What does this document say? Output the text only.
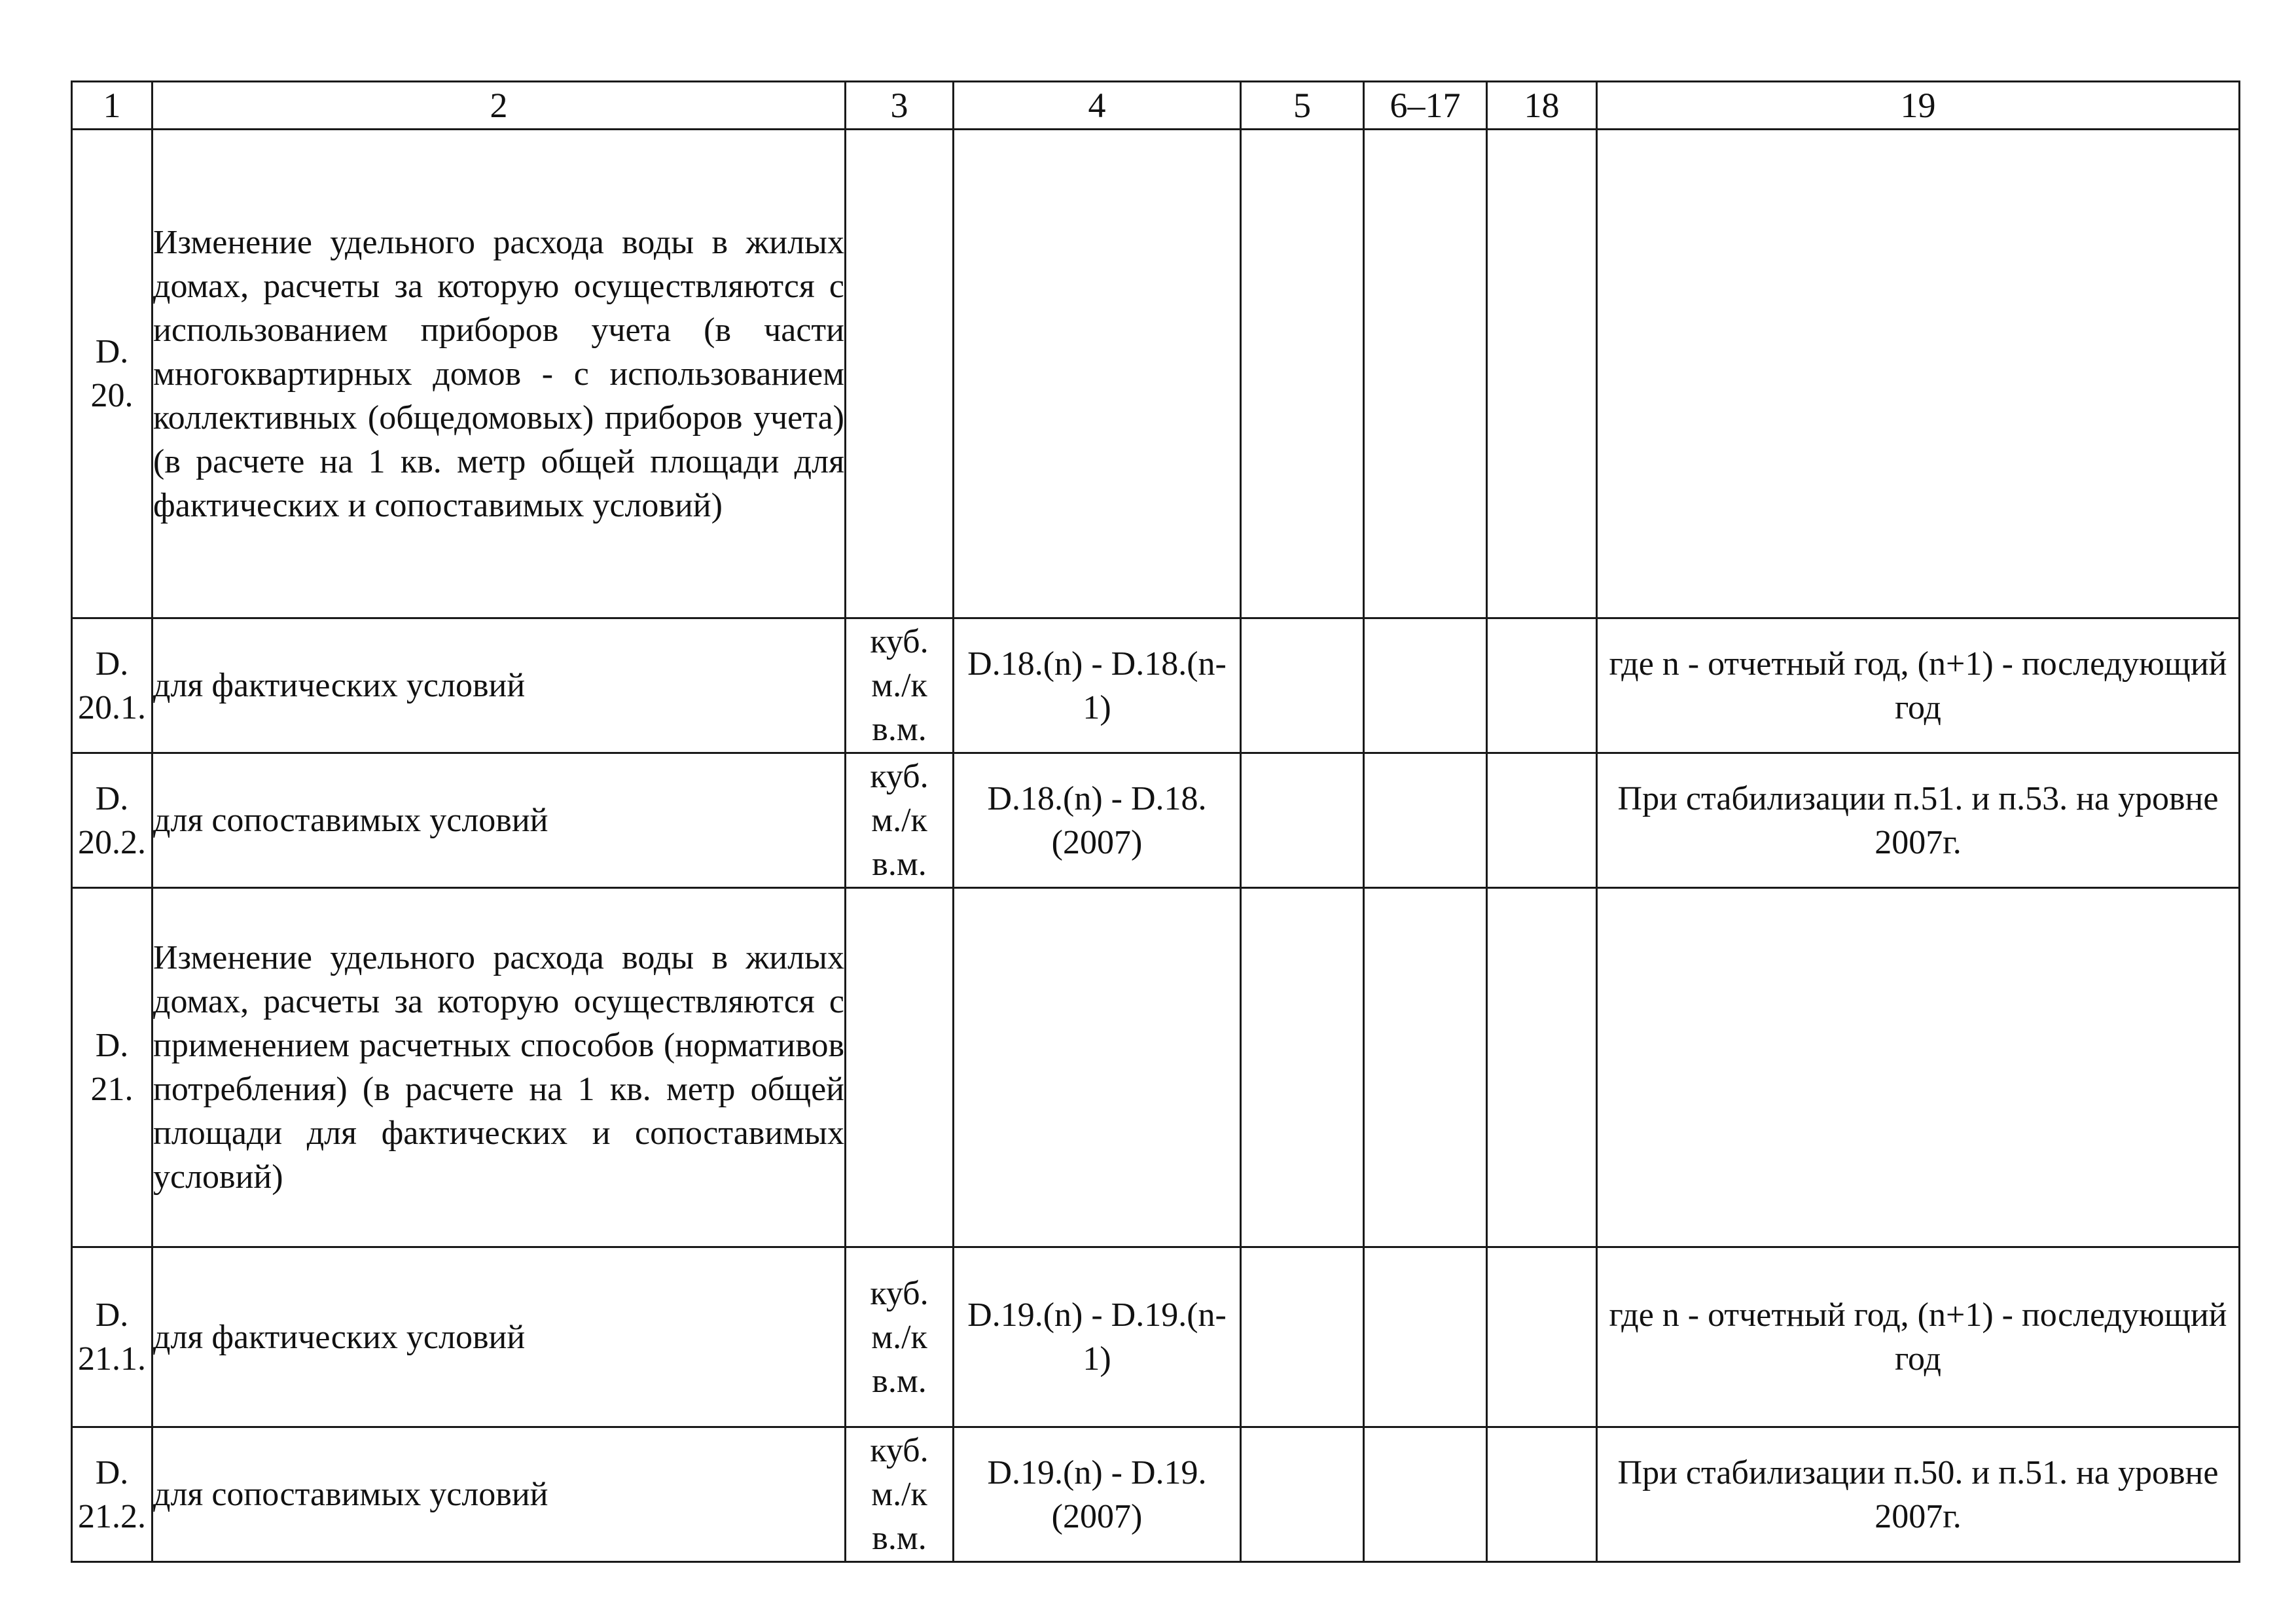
1	2	3	4	5	6–17	18	19
D. 20.	Изменение удельного расхода воды в жилых домах, расчеты за которую осуществляются с использованием приборов учета (в части многоквартирных домов - с использованием коллективных (общедомовых) приборов учета) (в расчете на 1 кв. метр общей площади для фактических и сопоставимых условий)						
D. 20.1.	для фактических условий	куб. м./к в.м.	D.18.(n) - D.18.(n-1)				где n - отчетный год, (n+1) - последующий год
D. 20.2.	для сопоставимых условий	куб. м./к в.м.	D.18.(n) - D.18.(2007)				При стабилизации п.51. и п.53. на уровне 2007г.
D. 21.	Изменение удельного расхода воды в жилых домах, расчеты за которую осуществляются с применением расчетных способов (нормативов потребления) (в расчете на 1 кв. метр общей площади для фактических и сопоставимых условий)						
D. 21.1.	для фактических условий	куб. м./к в.м.	D.19.(n) - D.19.(n-1)				где n - отчетный год, (n+1) - последующий год
D. 21.2.	для сопоставимых условий	куб. м./к в.м.	D.19.(n) - D.19.(2007)				При стабилизации п.50. и п.51. на уровне 2007г.
